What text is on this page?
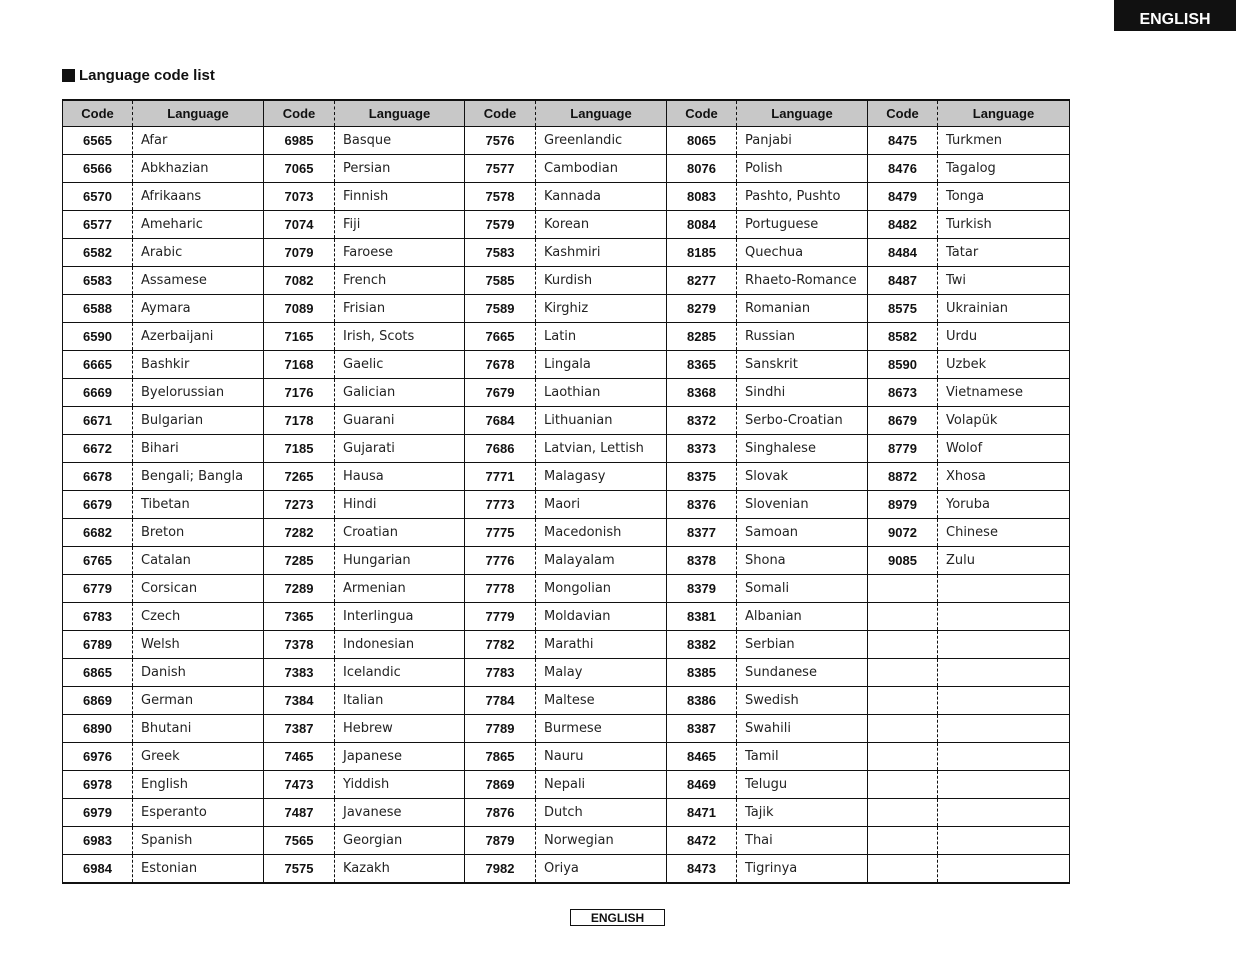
ENGLISH
Language code list
Code	Language	Code	Language	Code	Language	Code	Language	Code	Language
6565	Afar	6985	Basque	7576	Greenlandic	8065	Panjabi	8475	Turkmen
6566	Abkhazian	7065	Persian	7577	Cambodian	8076	Polish	8476	Tagalog
6570	Afrikaans	7073	Finnish	7578	Kannada	8083	Pashto, Pushto	8479	Tonga
6577	Ameharic	7074	Fiji	7579	Korean	8084	Portuguese	8482	Turkish
6582	Arabic	7079	Faroese	7583	Kashmiri	8185	Quechua	8484	Tatar
6583	Assamese	7082	French	7585	Kurdish	8277	Rhaeto-Romance	8487	Twi
6588	Aymara	7089	Frisian	7589	Kirghiz	8279	Romanian	8575	Ukrainian
6590	Azerbaijani	7165	Irish, Scots	7665	Latin	8285	Russian	8582	Urdu
6665	Bashkir	7168	Gaelic	7678	Lingala	8365	Sanskrit	8590	Uzbek
6669	Byelorussian	7176	Galician	7679	Laothian	8368	Sindhi	8673	Vietnamese
6671	Bulgarian	7178	Guarani	7684	Lithuanian	8372	Serbo-Croatian	8679	Volapük
6672	Bihari	7185	Gujarati	7686	Latvian, Lettish	8373	Singhalese	8779	Wolof
6678	Bengali; Bangla	7265	Hausa	7771	Malagasy	8375	Slovak	8872	Xhosa
6679	Tibetan	7273	Hindi	7773	Maori	8376	Slovenian	8979	Yoruba
6682	Breton	7282	Croatian	7775	Macedonish	8377	Samoan	9072	Chinese
6765	Catalan	7285	Hungarian	7776	Malayalam	8378	Shona	9085	Zulu
6779	Corsican	7289	Armenian	7778	Mongolian	8379	Somali		
6783	Czech	7365	Interlingua	7779	Moldavian	8381	Albanian		
6789	Welsh	7378	Indonesian	7782	Marathi	8382	Serbian		
6865	Danish	7383	Icelandic	7783	Malay	8385	Sundanese		
6869	German	7384	Italian	7784	Maltese	8386	Swedish		
6890	Bhutani	7387	Hebrew	7789	Burmese	8387	Swahili		
6976	Greek	7465	Japanese	7865	Nauru	8465	Tamil		
6978	English	7473	Yiddish	7869	Nepali	8469	Telugu		
6979	Esperanto	7487	Javanese	7876	Dutch	8471	Tajik		
6983	Spanish	7565	Georgian	7879	Norwegian	8472	Thai		
6984	Estonian	7575	Kazakh	7982	Oriya	8473	Tigrinya		
ENGLISH
